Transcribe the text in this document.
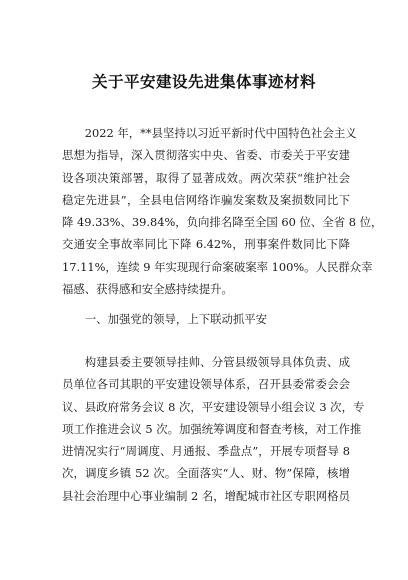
关于平安建设先进集体事迹材料
2022 年，**县坚持以习近平新时代中国特色社会主义
思想为指导，深入贯彻落实中央、省委、市委关于平安建
设各项决策部署，取得了显著成效。两次荣获“维护社会
稳定先进县”，全县电信网络诈骗发案数及案损数同比下
降 49.33%、39.84%，负向排名降至全国 60 位、全省 8 位，
交通安全事故率同比下降 6.42%，刑事案件数同比下降
17.11%，连续 9 年实现现行命案破案率 100%。人民群众幸
福感、获得感和安全感持续提升。
一、加强党的领导，上下联动抓平安
构建县委主要领导挂帅、分管县级领导具体负责、成
员单位各司其职的平安建设领导体系，召开县委常委会会
议、县政府常务会议 8 次，平安建设领导小组会议 3 次，专
项工作推进会议 5 次。加强统筹调度和督查考核，对工作推
进情况实行“周调度、月通报、季盘点”，开展专项督导 8
次，调度乡镇 52 次。全面落实“人、财、物”保障，核增
县社会治理中心事业编制 2 名，增配城市社区专职网格员
